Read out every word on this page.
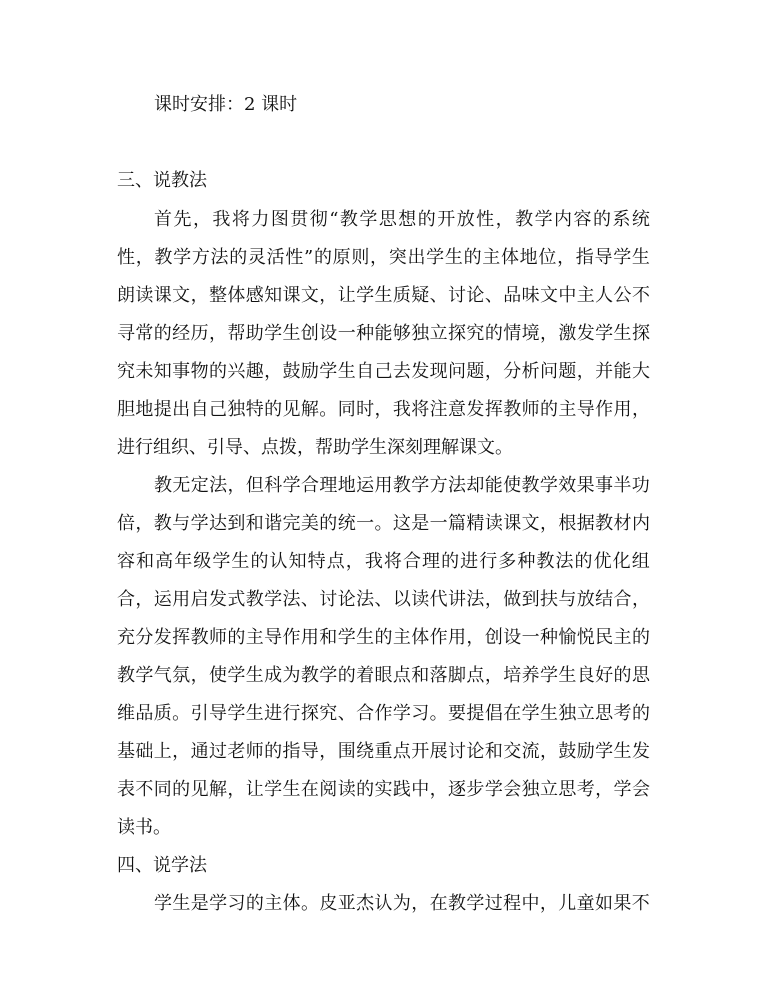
课时安排：2 课时
三、说教法
首 先 ， 我 将 力 图 贯 彻 “ 教 学 思 想 的 开 放 性 ， 教 学 内 容 的 系 统
性 ， 教 学 方 法 的 灵 活 性 ” 的 原 则 ， 突 出 学 生 的 主 体 地 位 ， 指 导 学 生
朗 读 课 文 ， 整 体 感 知 课 文 ， 让 学 生 质 疑 、 讨 论 、 品 味 文 中 主 人 公 不
寻 常 的 经 历 ， 帮 助 学 生 创 设 一 种 能 够 独 立 探 究 的 情 境 ， 激 发 学 生 探
究 未 知 事 物 的 兴 趣 ， 鼓 励 学 生 自 己 去 发 现 问 题 ， 分 析 问 题 ， 并 能 大
胆 地 提 出 自 己 独 特 的 见 解 。 同 时 ， 我 将 注 意 发 挥 教 师 的 主 导 作 用 ，
进行组织、引导、点拨，帮助学生深刻理解课文。
教 无 定 法 ， 但 科 学 合 理 地 运 用 教 学 方 法 却 能 使 教 学 效 果 事 半 功
倍 ， 教 与 学 达 到 和 谐 完 美 的 统 一 。 这 是 一 篇 精 读 课 文 ， 根 据 教 材 内
容 和 高 年 级 学 生 的 认 知 特 点 ， 我 将 合 理 的 进 行 多 种 教 法 的 优 化 组
合 ， 运 用 启 发 式 教 学 法 、 讨 论 法 、 以 读 代 讲 法 ， 做 到 扶 与 放 结 合 ，
充 分 发 挥 教 师 的 主 导 作 用 和 学 生 的 主 体 作 用 ， 创 设 一 种 愉 悦 民 主 的
教 学 气 氛 ， 使 学 生 成 为 教 学 的 着 眼 点 和 落 脚 点 ， 培 养 学 生 良 好 的 思
维 品 质 。 引 导 学 生 进 行 探 究 、 合 作 学 习 。 要 提 倡 在 学 生 独 立 思 考 的
基 础 上 ， 通 过 老 师 的 指 导 ， 围 绕 重 点 开 展 讨 论 和 交 流 ， 鼓 励 学 生 发
表 不 同 的 见 解 ， 让 学 生 在 阅 读 的 实 践 中 ， 逐 步 学 会 独 立 思 考 ， 学 会
读书。
四、说学法
学 生 是 学 习 的 主 体 。 皮 亚 杰 认 为 ， 在 教 学 过 程 中 ， 儿 童 如 果 不
